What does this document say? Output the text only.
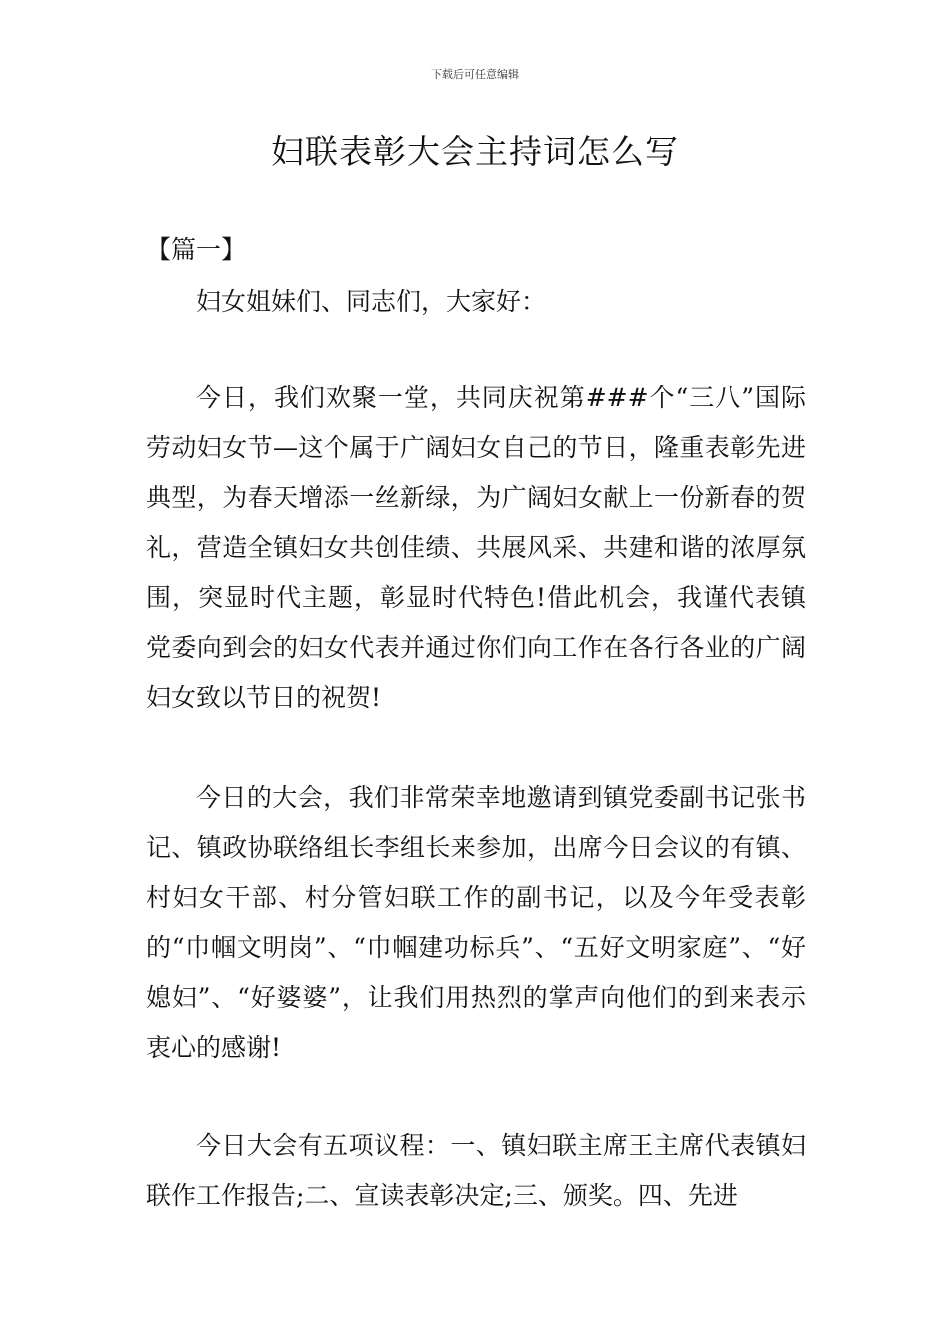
下载后可任意编辑
妇联表彰大会主持词怎么写
【篇一】
妇女姐妹们、同志们，大家好：

今日，我们欢聚一堂，共同庆祝第###个“三八”国际劳动妇女节—这个属于广阔妇女自己的节日，隆重表彰先进典型，为春天增添一丝新绿，为广阔妇女献上一份新春的贺礼，营造全镇妇女共创佳绩、共展风采、共建和谐的浓厚氛围，突显时代主题，彰显时代特色!借此机会，我谨代表镇党委向到会的妇女代表并通过你们向工作在各行各业的广阔妇女致以节日的祝贺!

今日的大会，我们非常荣幸地邀请到镇党委副书记张书记、镇政协联络组长李组长来参加，出席今日会议的有镇、村妇女干部、村分管妇联工作的副书记，以及今年受表彰的“巾帼文明岗”、“巾帼建功标兵”、“五好文明家庭”、“好媳妇”、“好婆婆”，让我们用热烈的掌声向他们的到来表示衷心的感谢!

今日大会有五项议程：一、镇妇联主席王主席代表镇妇联作工作报告;二、宣读表彰决定;三、颁奖。四、先进
